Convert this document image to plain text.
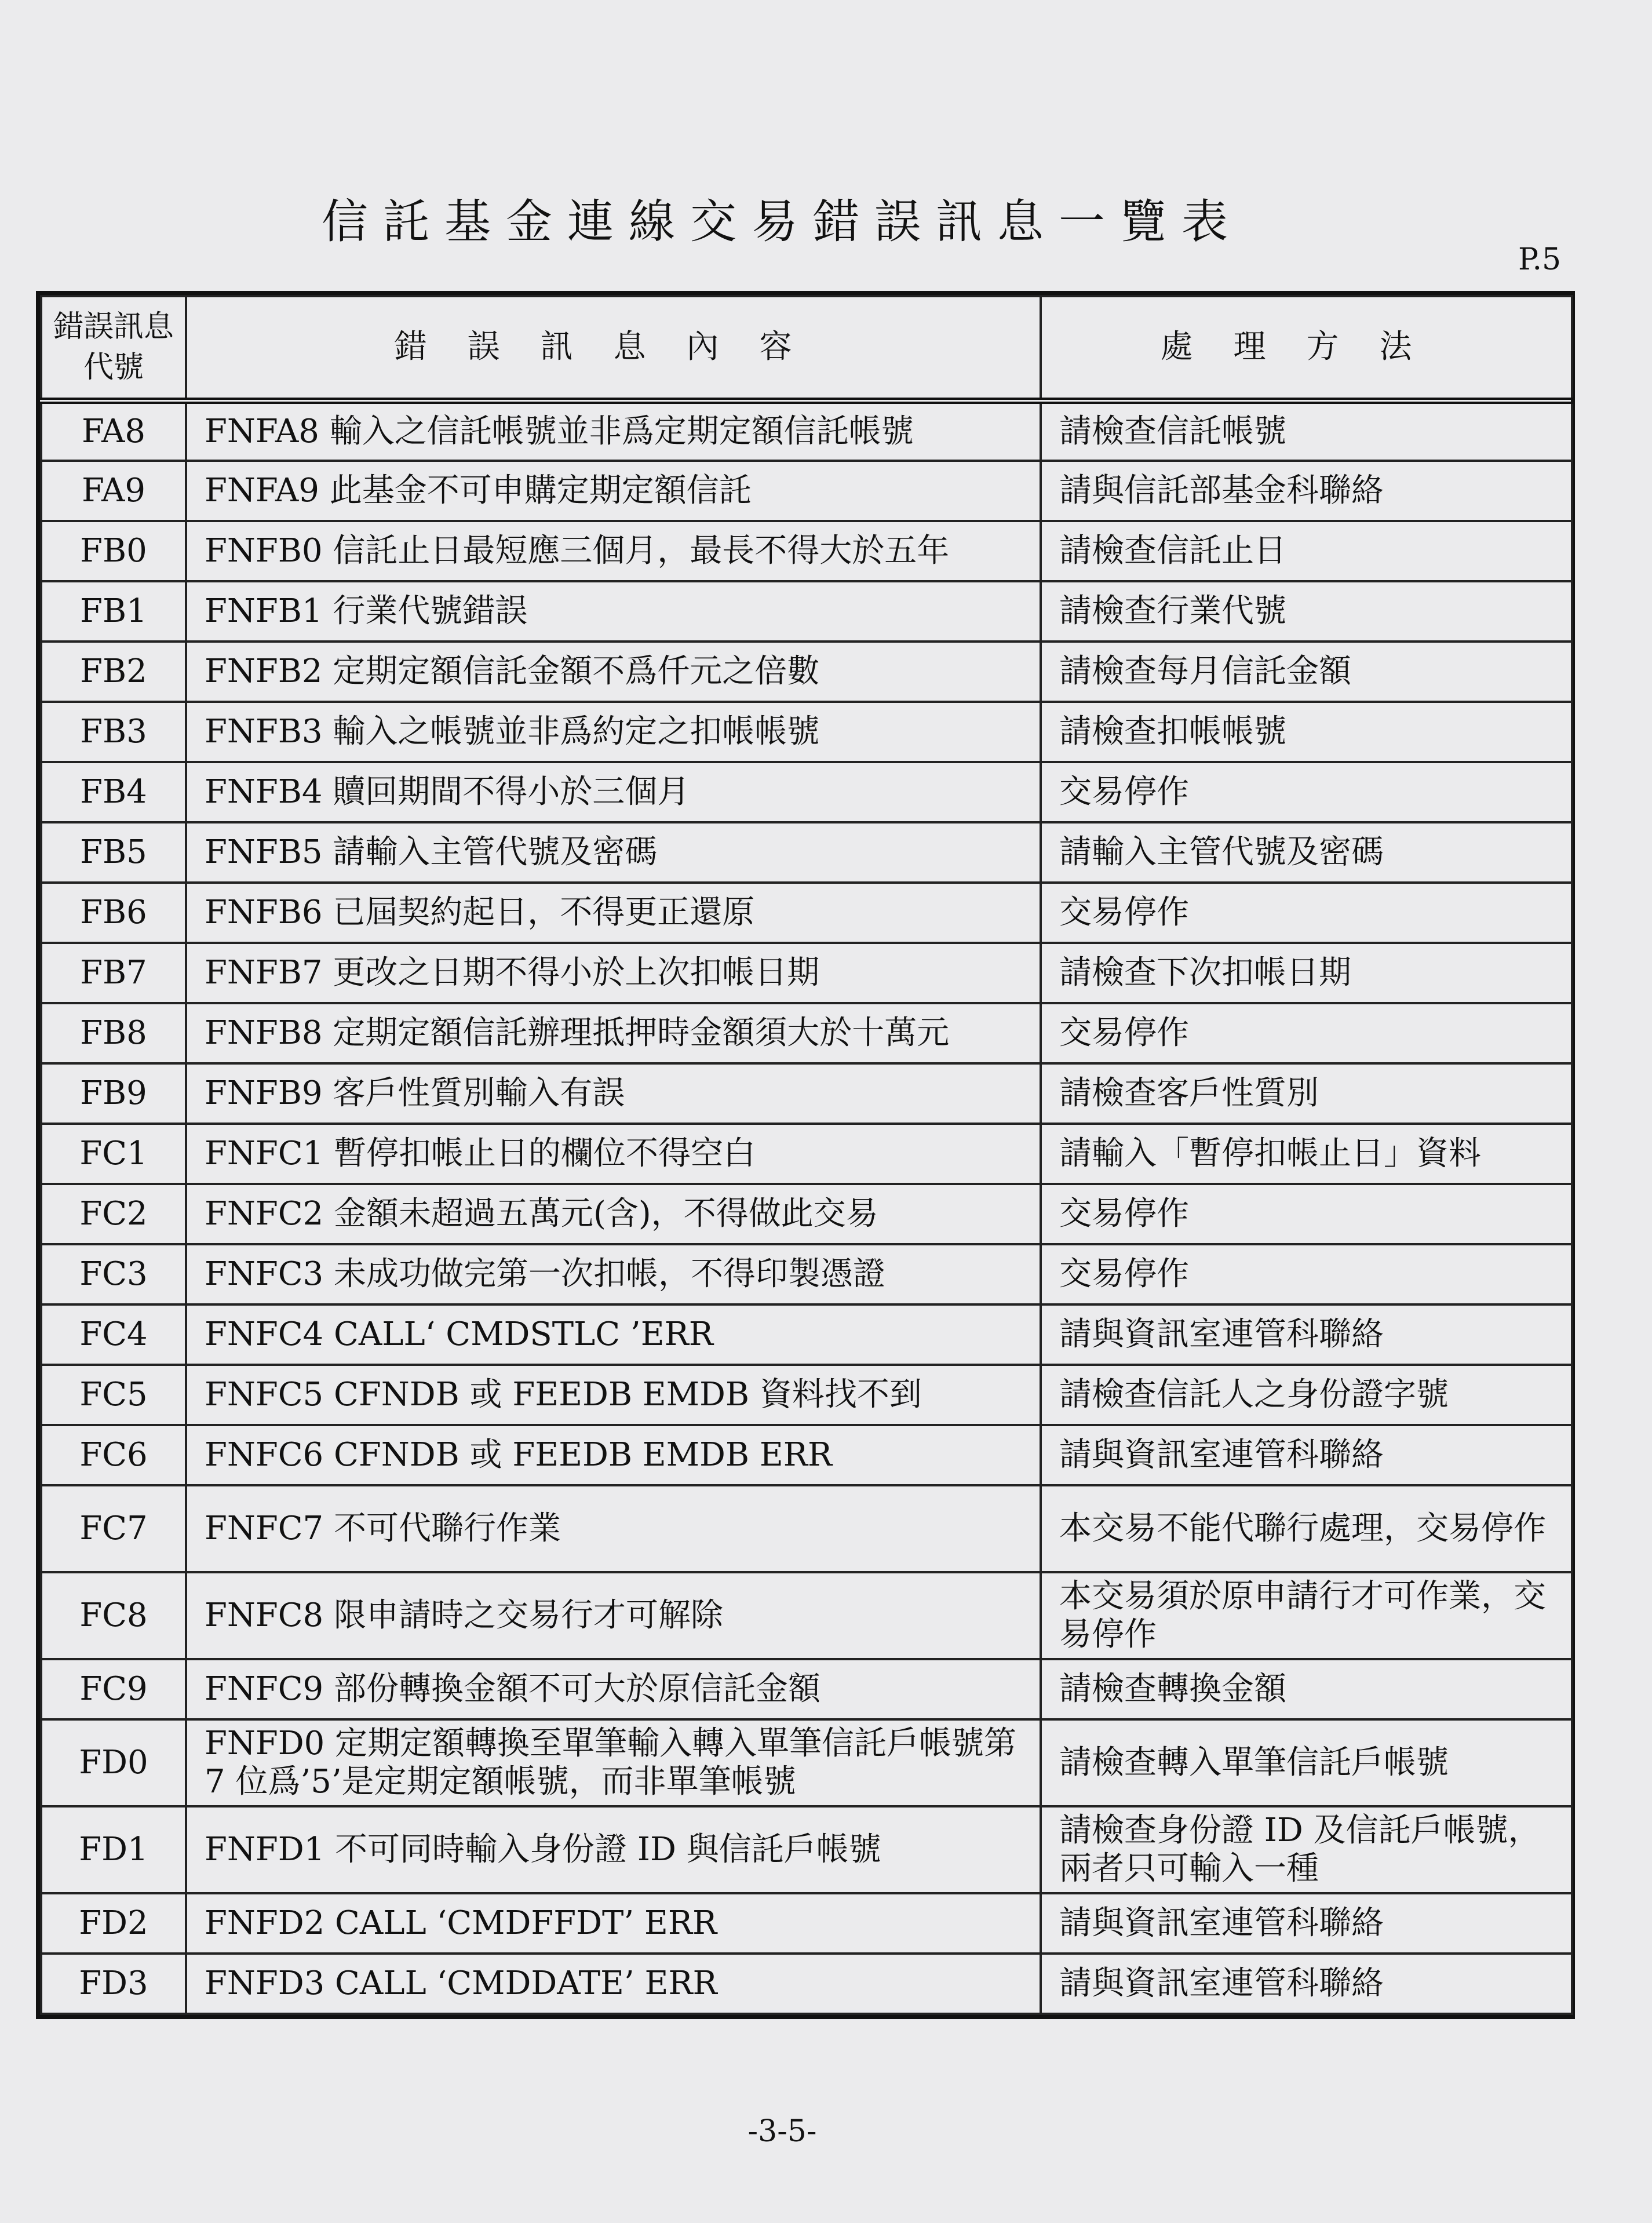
信託基金連線交易錯誤訊息一覽表
P.5
錯誤訊息代號	錯誤訊息內容	處理方法
FA8	FNFA8 輸入之信託帳號並非爲定期定額信託帳號	請檢查信託帳號
FA9	FNFA9 此基金不可申購定期定額信託	請與信託部基金科聯絡
FB0	FNFB0 信託止日最短應三個月，最長不得大於五年	請檢查信託止日
FB1	FNFB1 行業代號錯誤	請檢查行業代號
FB2	FNFB2 定期定額信託金額不爲仟元之倍數	請檢查每月信託金額
FB3	FNFB3 輸入之帳號並非爲約定之扣帳帳號	請檢查扣帳帳號
FB4	FNFB4 贖回期間不得小於三個月	交易停作
FB5	FNFB5 請輸入主管代號及密碼	請輸入主管代號及密碼
FB6	FNFB6 已屆契約起日，不得更正還原	交易停作
FB7	FNFB7 更改之日期不得小於上次扣帳日期	請檢查下次扣帳日期
FB8	FNFB8 定期定額信託辦理抵押時金額須大於十萬元	交易停作
FB9	FNFB9 客戶性質別輸入有誤	請檢查客戶性質別
FC1	FNFC1 暫停扣帳止日的欄位不得空白	請輸入「暫停扣帳止日」資料
FC2	FNFC2 金額未超過五萬元(含)，不得做此交易	交易停作
FC3	FNFC3 未成功做完第一次扣帳，不得印製憑證	交易停作
FC4	FNFC4 CALL‘ CMDSTLC ’ERR	請與資訊室連管科聯絡
FC5	FNFC5 CFNDB 或 FEEDB EMDB 資料找不到	請檢查信託人之身份證字號
FC6	FNFC6 CFNDB 或 FEEDB EMDB ERR	請與資訊室連管科聯絡
FC7	FNFC7 不可代聯行作業	本交易不能代聯行處理，交易停作
FC8	FNFC8 限申請時之交易行才可解除	本交易須於原申請行才可作業，交易停作
FC9	FNFC9 部份轉換金額不可大於原信託金額	請檢查轉換金額
FD0	FNFD0 定期定額轉換至單筆輸入轉入單筆信託戶帳號第 7 位爲’5’是定期定額帳號，而非單筆帳號	請檢查轉入單筆信託戶帳號
FD1	FNFD1 不可同時輸入身份證 ID 與信託戶帳號	請檢查身份證 ID 及信託戶帳號，兩者只可輸入一種
FD2	FNFD2 CALL ‘CMDFFDT’ ERR	請與資訊室連管科聯絡
FD3	FNFD3 CALL ‘CMDDATE’ ERR	請與資訊室連管科聯絡
-3-5-
